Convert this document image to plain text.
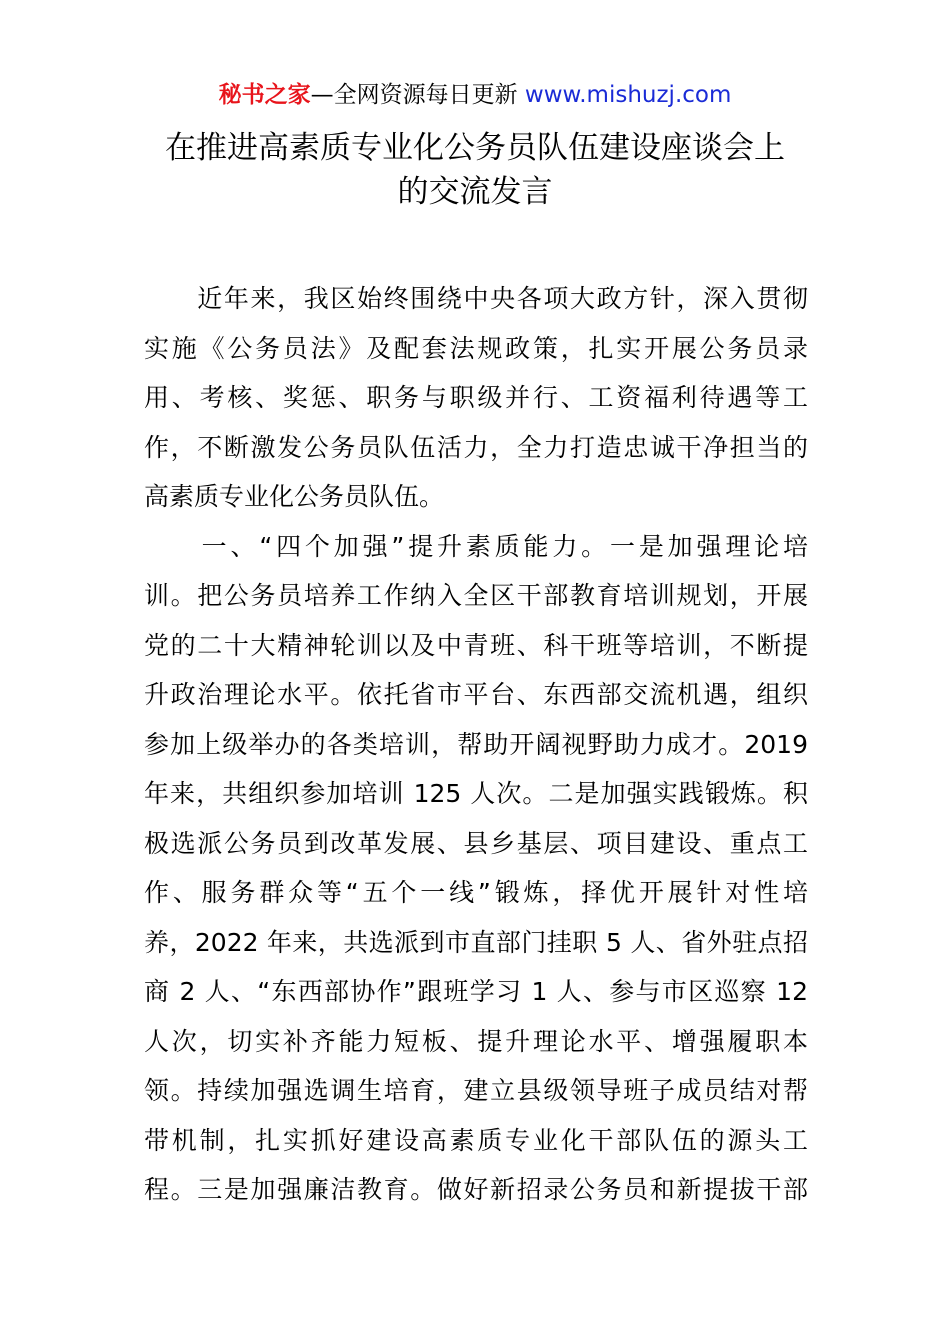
秘书之家—全网资源每日更新 www.mishuzj.com
在推进高素质专业化公务员队伍建设座谈会上
的交流发言
　　近年来，我区始终围绕中央各项大政方针，深入贯彻
实施《公务员法》及配套法规政策，扎实开展公务员录
用、考核、奖惩、职务与职级并行、工资福利待遇等工
作，不断激发公务员队伍活力，全力打造忠诚干净担当的
高素质专业化公务员队伍。
　　一、“四个加强”提升素质能力。一是加强理论培
训。把公务员培养工作纳入全区干部教育培训规划，开展
党的二十大精神轮训以及中青班、科干班等培训，不断提
升政治理论水平。依托省市平台、东西部交流机遇，组织
参加上级举办的各类培训，帮助开阔视野助力成才。2019
年来，共组织参加培训 125 人次。二是加强实践锻炼。积
极选派公务员到改革发展、县乡基层、项目建设、重点工
作、服务群众等“五个一线”锻炼，择优开展针对性培
养，2022 年来，共选派到市直部门挂职 5 人、省外驻点招
商 2 人、“东西部协作”跟班学习 1 人、参与市区巡察 12
人次，切实补齐能力短板、提升理论水平、增强履职本
领。持续加强选调生培育，建立县级领导班子成员结对帮
带机制，扎实抓好建设高素质专业化干部队伍的源头工
程。三是加强廉洁教育。做好新招录公务员和新提拔干部
